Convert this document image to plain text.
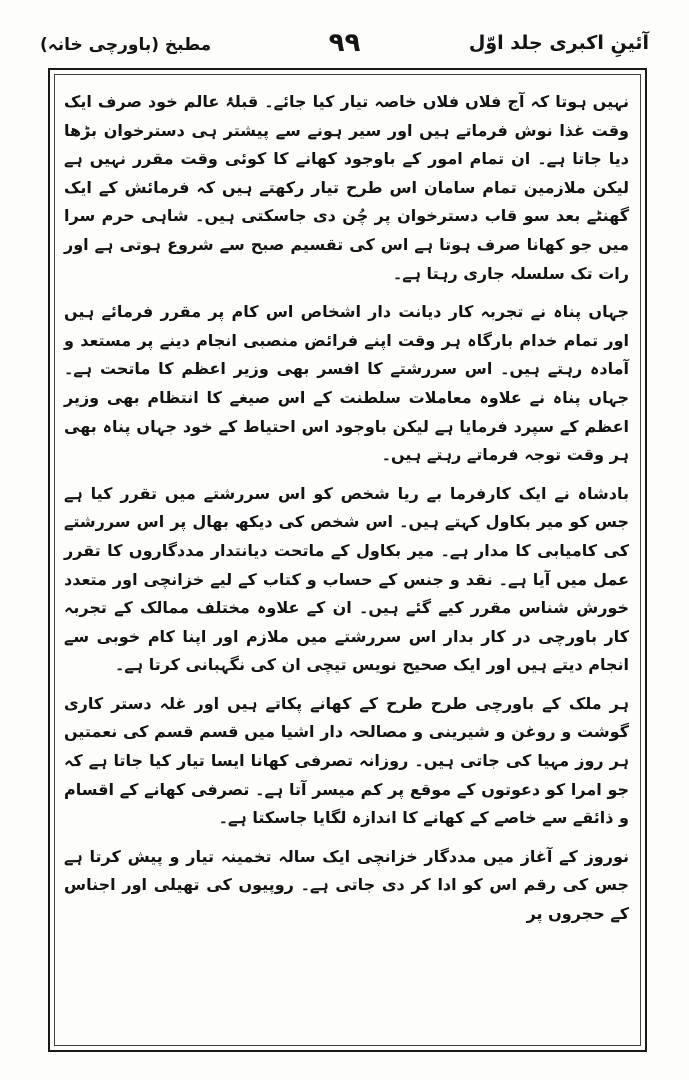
آئینِ اکبری جلد اوّل
۹۹
مطبخ (باورچی خانہ)

نہیں ہوتا کہ آج فلاں فلاں خاصہ تیار کیا جائے۔ قبلۂ عالم خود صرف ایک وقت غذا نوش فرماتے ہیں اور سیر ہونے سے پیشتر ہی دسترخوان بڑھا دیا جاتا ہے۔ ان تمام امور کے باوجود کھانے کا کوئی وقت مقرر نہیں ہے لیکن ملازمین تمام سامان اس طرح تیار رکھتے ہیں کہ فرمائش کے ایک گھنٹے بعد سو قاب دسترخوان پر چُن دی جاسکتی ہیں۔ شاہی حرم سرا میں جو کھانا صرف ہوتا ہے اس کی تقسیم صبح سے شروع ہوتی ہے اور رات تک سلسلہ جاری رہتا ہے۔

جہاں پناہ نے تجربہ کار دیانت دار اشخاص اس کام پر مقرر فرمائے ہیں اور تمام خدام بارگاہ ہر وقت اپنے فرائض منصبی انجام دینے پر مستعد و آمادہ رہتے ہیں۔ اس سررشتے کا افسر بھی وزیر اعظم کا ماتحت ہے۔ جہاں پناہ نے علاوہ معاملات سلطنت کے اس صیغے کا انتظام بھی وزیر اعظم کے سپرد فرمایا ہے لیکن باوجود اس احتیاط کے خود جہاں پناہ بھی ہر وقت توجہ فرماتے رہتے ہیں۔

بادشاہ نے ایک کارفرما بے ریا شخص کو اس سررشتے میں تقرر کیا ہے جس کو میر بکاول کہتے ہیں۔ اس شخص کی دیکھ بھال پر اس سررشتے کی کامیابی کا مدار ہے۔ میر بکاول کے ماتحت دیانتدار مددگاروں کا تقرر عمل میں آیا ہے۔ نقد و جنس کے حساب و کتاب کے لیے خزانچی اور متعدد خورش شناس مقرر کیے گئے ہیں۔ ان کے علاوہ مختلف ممالک کے تجربہ کار باورچی در کار بدار اس سررشتے میں ملازم اور اپنا کام خوبی سے انجام دیتے ہیں اور ایک صحیح نویس تیچی ان کی نگہبانی کرتا ہے۔

ہر ملک کے باورچی طرح طرح کے کھانے پکاتے ہیں اور غلہ دستر کاری گوشت و روغن و شیرینی و مصالحہ دار اشیا میں قسم قسم کی نعمتیں ہر روز مہیا کی جاتی ہیں۔ روزانہ تصرفی کھانا ایسا تیار کیا جاتا ہے کہ جو امرا کو دعوتوں کے موقع پر کم میسر آتا ہے۔ تصرفی کھانے کے اقسام و ذائقے سے خاصے کے کھانے کا اندازہ لگایا جاسکتا ہے۔

نوروز کے آغاز میں مددگار خزانچی ایک سالہ تخمینہ تیار و پیش کرتا ہے جس کی رقم اس کو ادا کر دی جاتی ہے۔ روپیوں کی تھیلی اور اجناس کے حجروں پر
